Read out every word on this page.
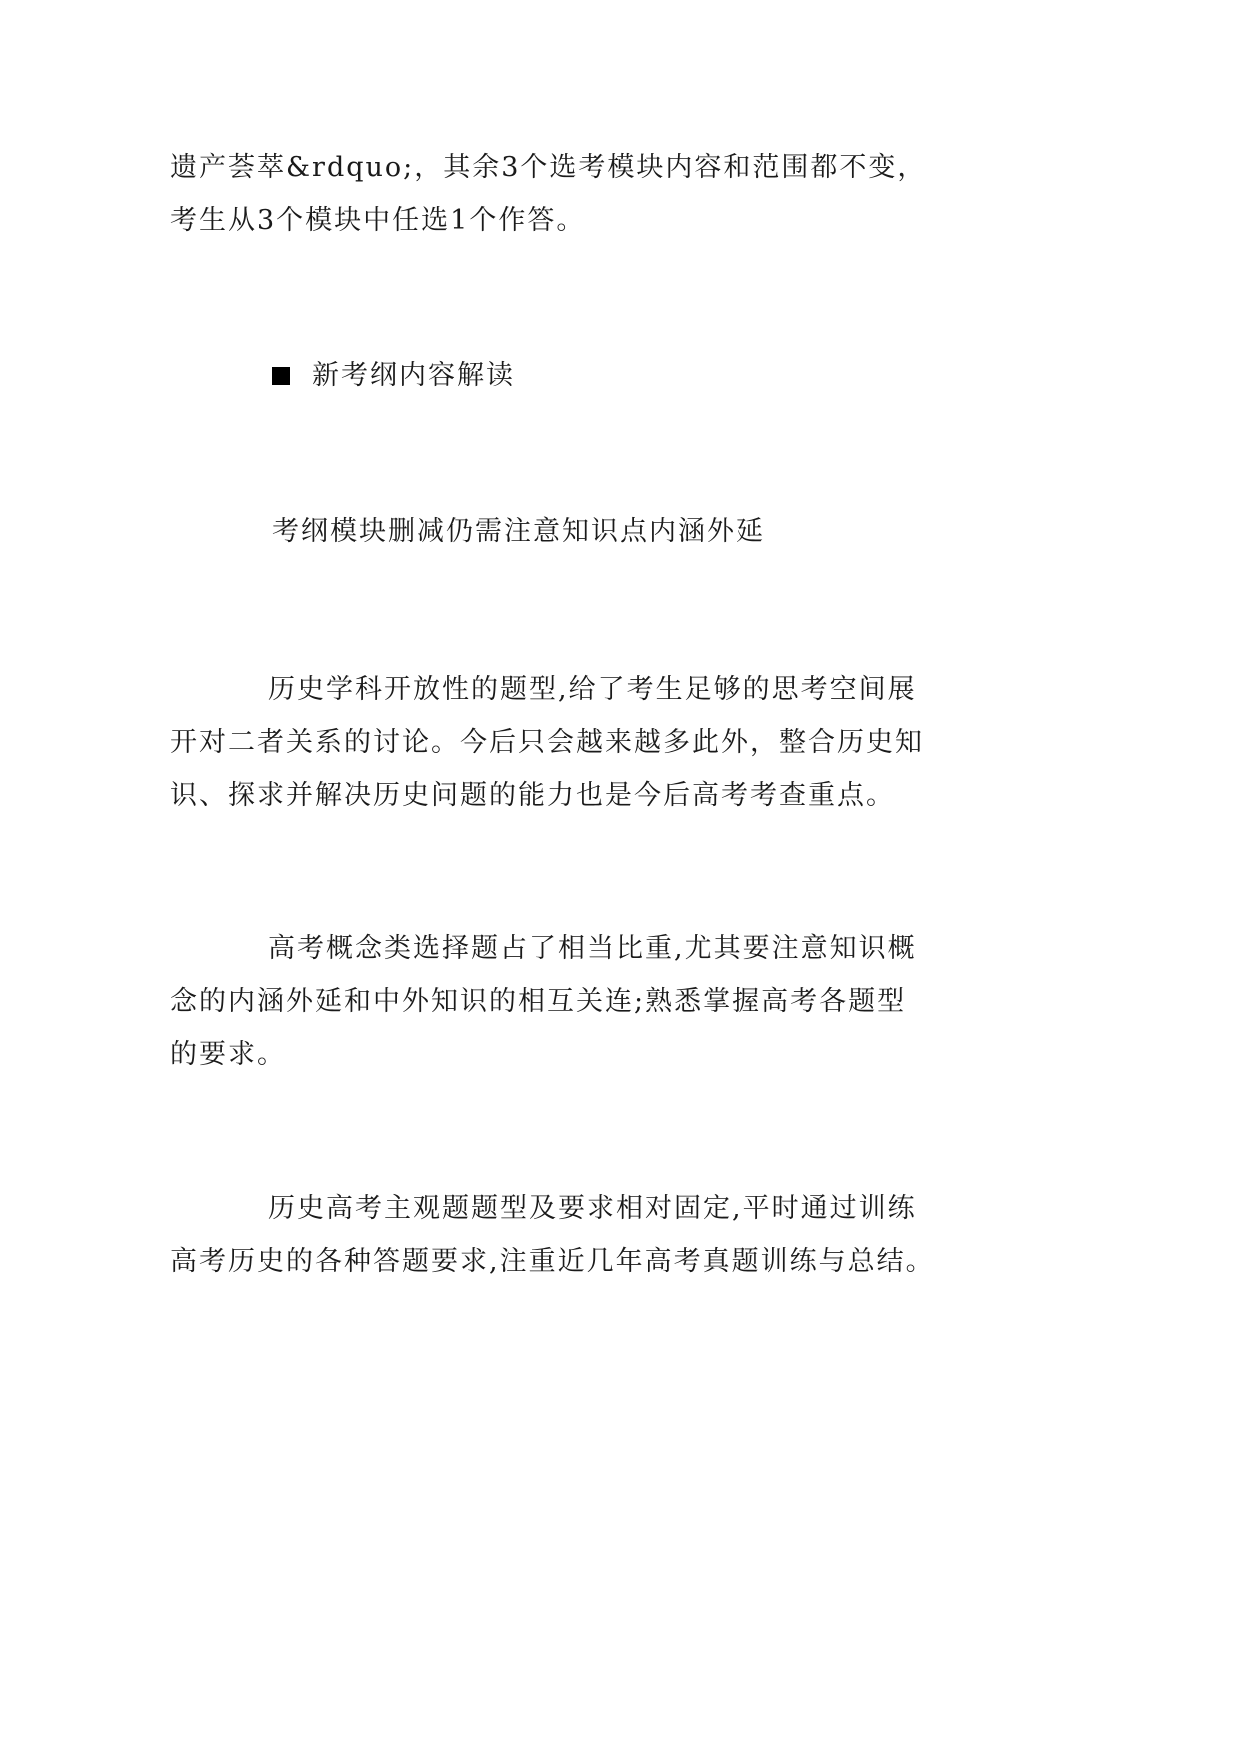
遗产荟萃&rdquo;，其余3个选考模块内容和范围都不变，
考生从3个模块中任选1个作答。
新考纲内容解读
考纲模块删减仍需注意知识点内涵外延
历史学科开放性的题型,给了考生足够的思考空间展
开对二者关系的讨论。今后只会越来越多此外，整合历史知
识、探求并解决历史问题的能力也是今后高考考查重点。
高考概念类选择题占了相当比重,尤其要注意知识概
念的内涵外延和中外知识的相互关连;熟悉掌握高考各题型
的要求。
历史高考主观题题型及要求相对固定,平时通过训练
高考历史的各种答题要求,注重近几年高考真题训练与总结。
